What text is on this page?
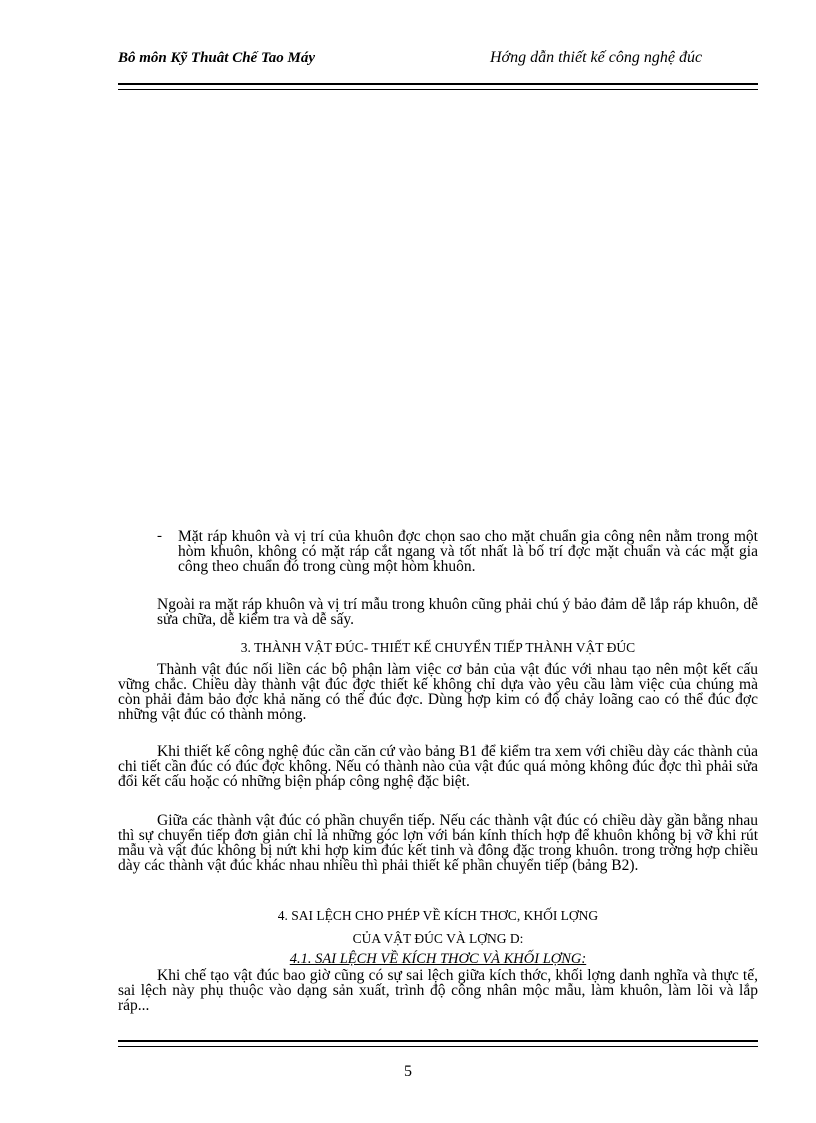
Bô môn Kỹ Thuât Chế Tao Máy	Hớng dẫn thiết kế công nghệ đúc
- Mặt ráp khuôn và vị trí của khuôn đợc chọn sao cho mặt chuẩn gia công nên nằm trong một hòm khuôn, không có mặt ráp cắt ngang và tốt nhất là bố trí đợc mặt chuẩn và các mặt gia công theo chuẩn đó trong cùng một hòm khuôn.
Ngoài ra mặt ráp khuôn và vị trí mẫu trong khuôn cũng phải chú ý bảo đảm dễ lắp ráp khuôn, dễ sửa chữa, dễ kiểm tra và dễ sấy.
3. THÀNH VẬT ĐÚC- THIẾT KẾ CHUYỂN TIẾP THÀNH VẬT ĐÚC
Thành vật đúc nối liền các bộ phận làm việc cơ bản của vật đúc với nhau tạo nên một kết cấu vững chắc. Chiều dày thành vật đúc đợc thiết kế không chỉ dựa vào yêu cầu làm việc của chúng mà còn phải đảm bảo đợc khả năng có thể đúc đợc. Dùng hợp kim có độ chảy loãng cao có thể đúc đợc những vật đúc có thành mỏng.
Khi thiết kế công nghệ đúc cần căn cứ vào bảng B1 để kiểm tra xem với chiều dày các thành của chi tiết cần đúc có đúc đợc không. Nếu có thành nào của vật đúc quá mỏng không đúc đợc thì phải sửa đổi kết cấu hoặc có những biện pháp công nghệ đặc biệt.
Giữa các thành vật đúc có phần chuyển tiếp. Nếu các thành vật đúc có chiều dày gần bằng nhau thì sự chuyển tiếp đơn giản chỉ là những góc lợn với bán kính thích hợp để khuôn không bị vỡ khi rút mẫu và vật đúc không bị nứt khi hợp kim đúc kết tinh và đông đặc trong khuôn. trong trờng hợp chiều dày các thành vật đúc khác nhau nhiều thì phải thiết kế phần chuyển tiếp (bảng B2).
4. SAI LỆCH CHO PHÉP VỀ KÍCH THƠC, KHỐI LỢNG
CỦA VẬT ĐÚC VÀ LỢNG D:
4.1. SAI LỆCH VỀ KÍCH THƠC VÀ KHỐI LỢNG:
Khi chế tạo vật đúc bao giờ cũng có sự sai lệch giữa kích thớc, khối lợng danh nghĩa và thực tế, sai lệch này phụ thuộc vào dạng sản xuất, trình độ công nhân mộc mẫu, làm khuôn, làm lõi và lắp ráp...
5
